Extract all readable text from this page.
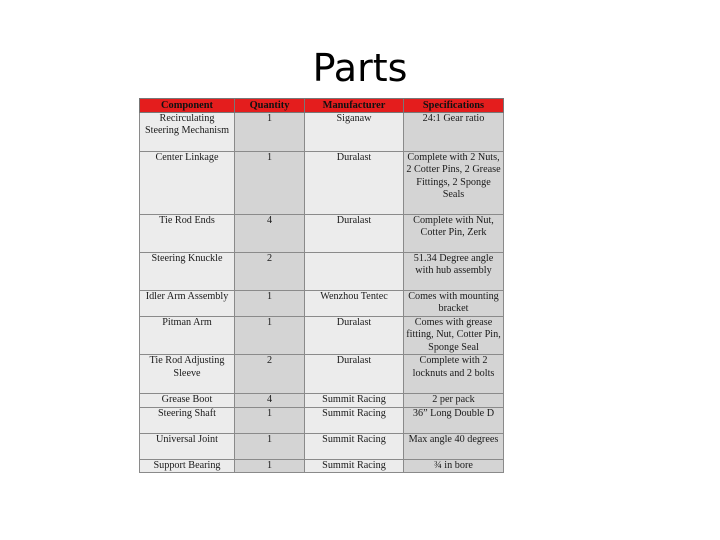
Parts
Component	Quantity	Manufacturer	Specifications
Recirculating Steering Mechanism	1	Siganaw	24:1 Gear ratio
Center Linkage	1	Duralast	Complete with 2 Nuts, 2 Cotter Pins, 2 Grease Fittings, 2 Sponge Seals
Tie Rod Ends	4	Duralast	Complete with Nut, Cotter Pin, Zerk
Steering Knuckle	2		51.34 Degree angle with hub assembly
Idler Arm Assembly	1	Wenzhou Tentec	Comes with mounting bracket
Pitman Arm	1	Duralast	Comes with grease fitting, Nut, Cotter Pin, Sponge Seal
Tie Rod Adjusting Sleeve	2	Duralast	Complete with 2 locknuts and 2 bolts
Grease Boot	4	Summit Racing	2 per pack
Steering Shaft	1	Summit Racing	36” Long Double D
Universal Joint	1	Summit Racing	Max angle 40 degrees
Support Bearing	1	Summit Racing	¾ in bore
